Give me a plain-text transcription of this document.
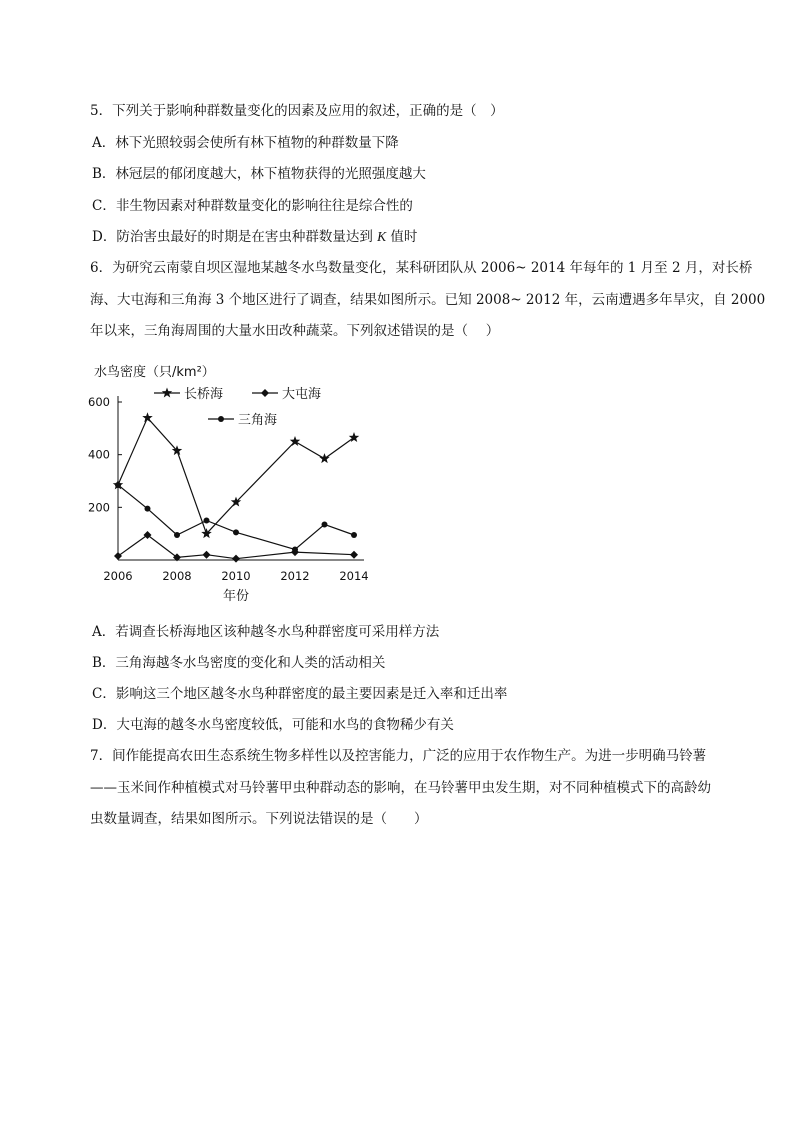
5．下列关于影响种群数量变化的因素及应用的叙述，正确的是（　）
A．林下光照较弱会使所有林下植物的种群数量下降
B．林冠层的郁闭度越大，林下植物获得的光照强度越大
C．非生物因素对种群数量变化的影响往往是综合性的
D．防治害虫最好的时期是在害虫种群数量达到 K 值时
6．为研究云南蒙自坝区湿地某越冬水鸟数量变化，某科研团队从 2006~ 2014 年每年的 1 月至 2 月，对长桥
海、大屯海和三角海 3 个地区进行了调查，结果如图所示。已知 2008~ 2012 年，云南遭遇多年旱灾，自 2000
年以来，三角海周围的大量水田改种蔬菜。下列叙述错误的是（　 ）
水鸟密度（只/km²）
年份
200
400
600
2006	2008	2010	2012	2014
长桥海	大屯海
三角海
A．若调查长桥海地区该种越冬水鸟种群密度可采用样方法
B．三角海越冬水鸟密度的变化和人类的活动相关
C．影响这三个地区越冬水鸟种群密度的最主要因素是迁入率和迁出率
D．大屯海的越冬水鸟密度较低，可能和水鸟的食物稀少有关
7．间作能提高农田生态系统生物多样性以及控害能力，广泛的应用于农作物生产。为进一步明确马铃薯
——玉米间作种植模式对马铃薯甲虫种群动态的影响，在马铃薯甲虫发生期，对不同种植模式下的高龄幼
虫数量调查，结果如图所示。下列说法错误的是（　　）
